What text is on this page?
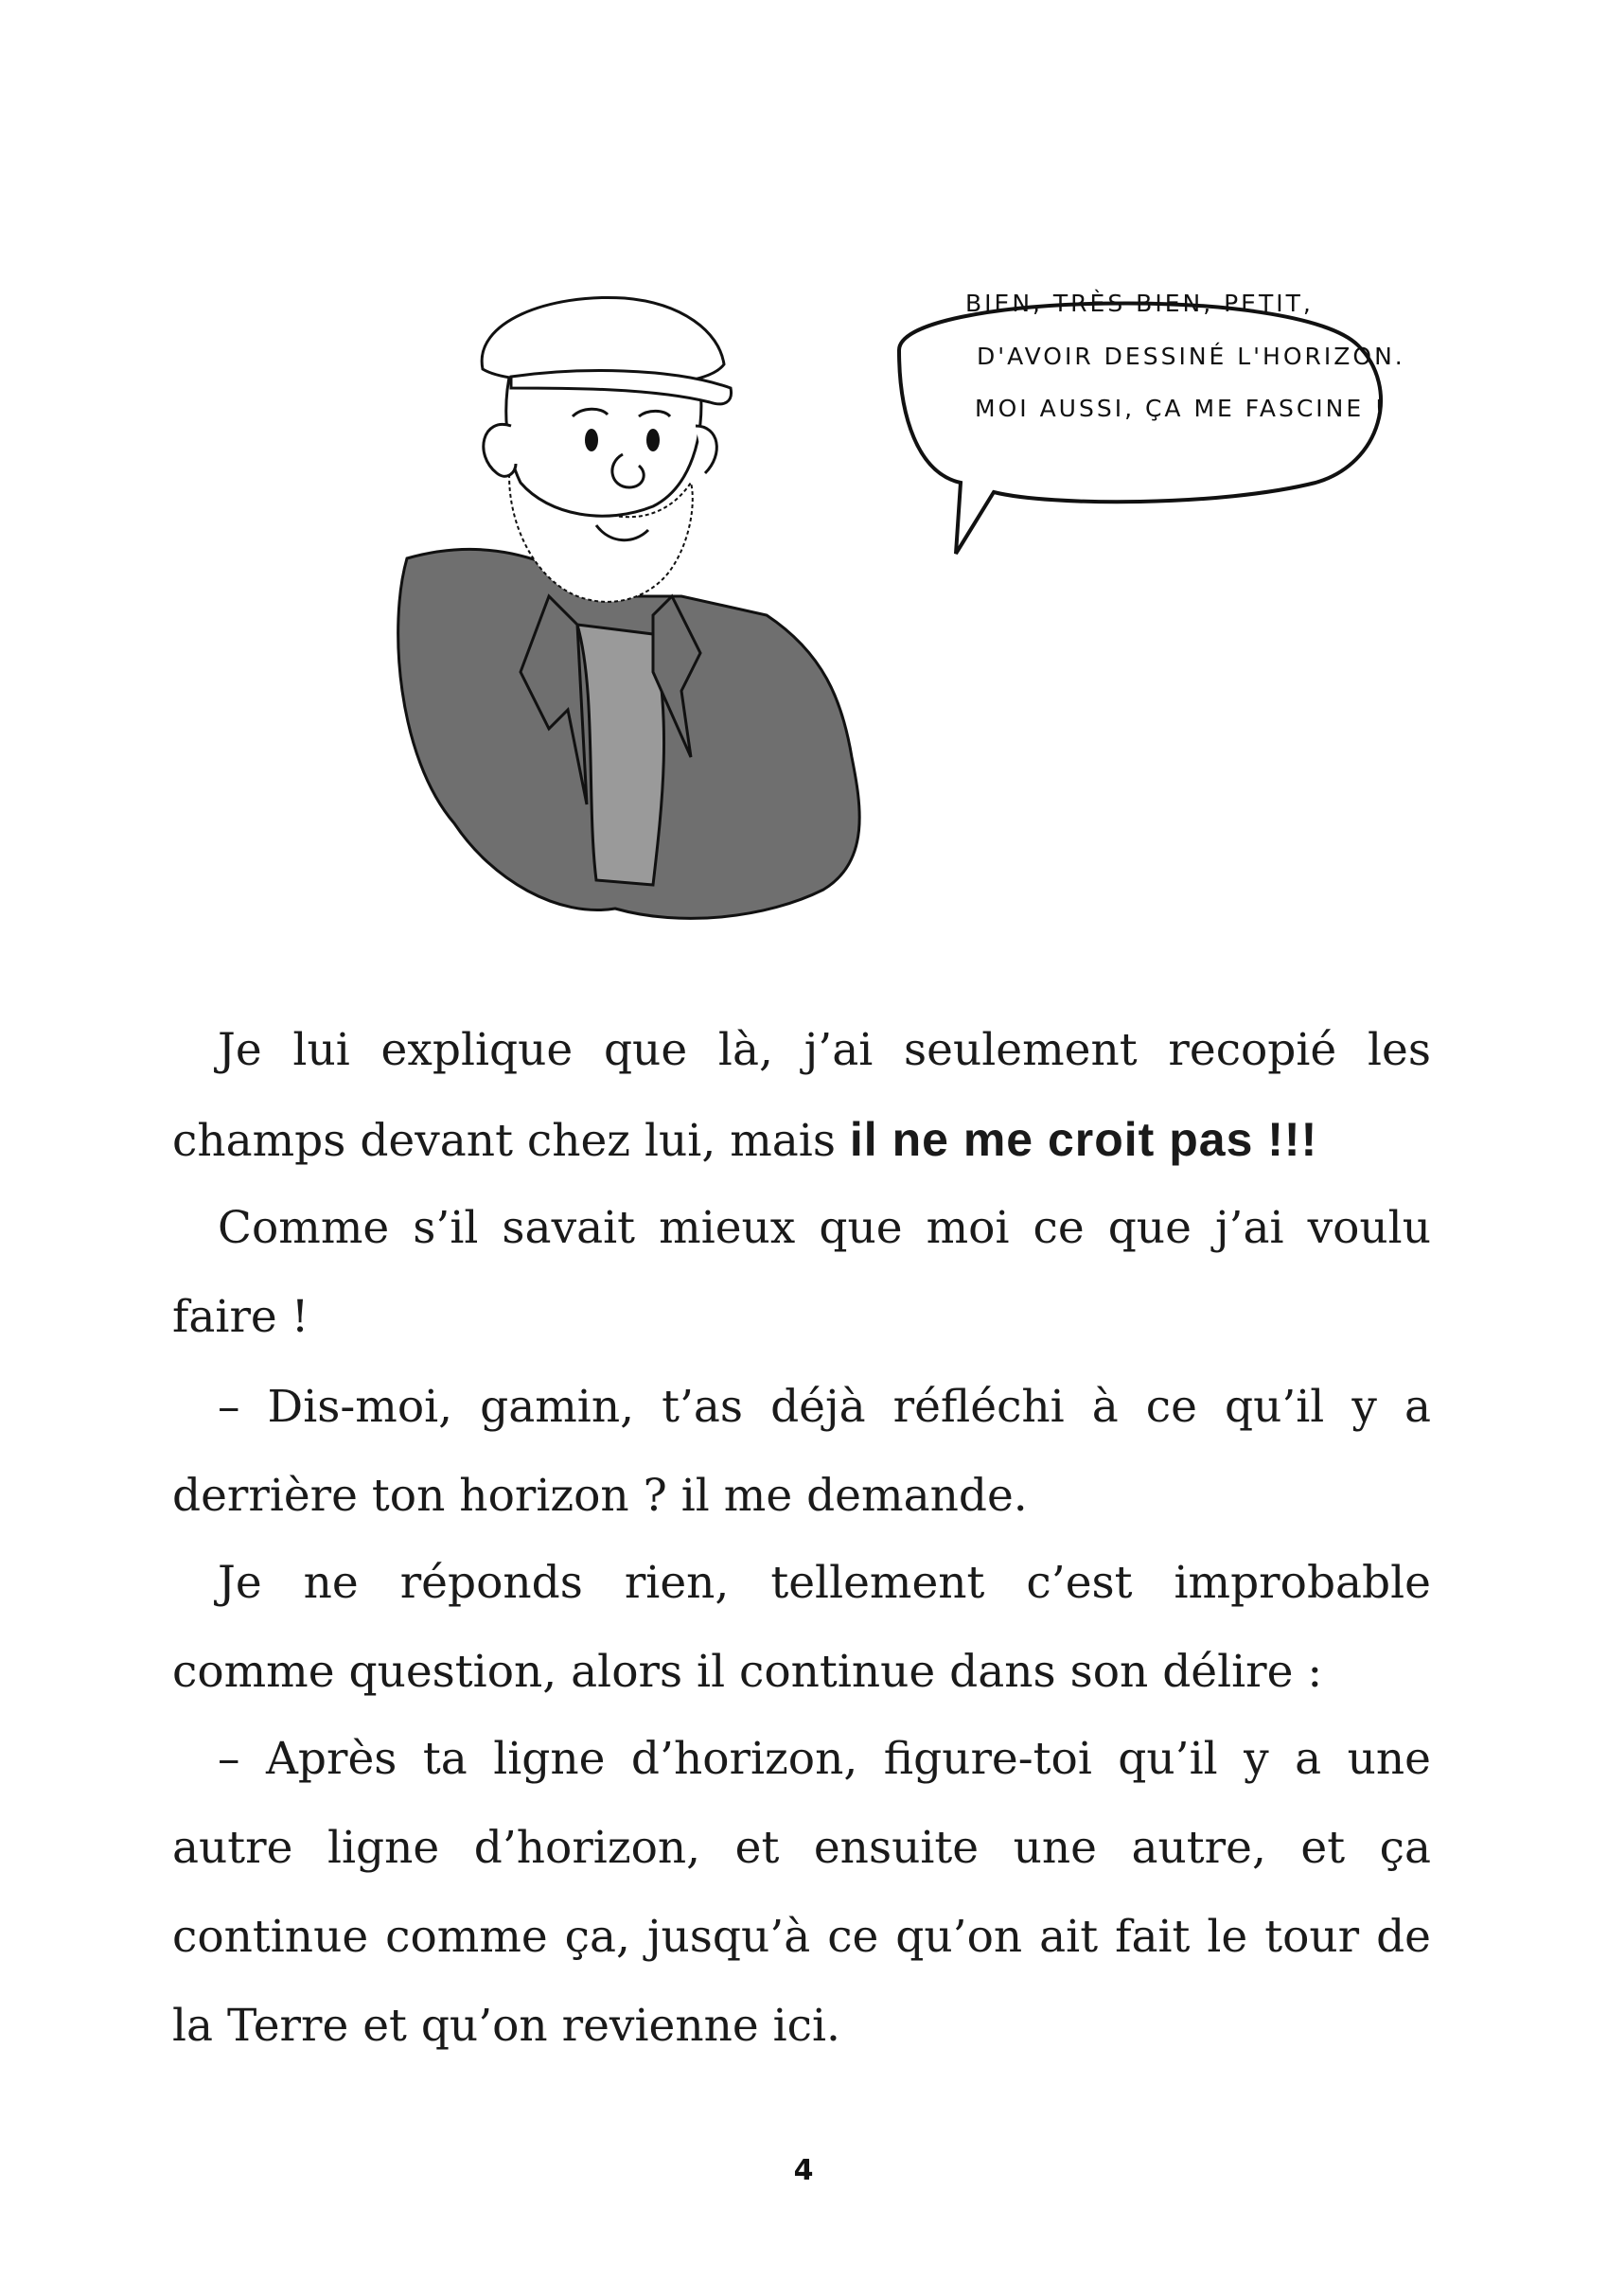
BIEN, TRÈS BIEN, PETIT,
D'AVOIR DESSINÉ L'HORIZON.
MOI AUSSI, ÇA ME FASCINE !

Je lui explique que là, j’ai seulement recopié les champs devant chez lui, mais il ne me croit pas !!!

Comme s’il savait mieux que moi ce que j’ai voulu faire !

– Dis-moi, gamin, t’as déjà réfléchi à ce qu’il y a derrière ton horizon ? il me demande.

Je ne réponds rien, tellement c’est improbable comme question, alors il continue dans son délire :

– Après ta ligne d’horizon, figure-toi qu’il y a une autre ligne d’horizon, et ensuite une autre, et ça continue comme ça, jusqu’à ce qu’on ait fait le tour de la Terre et qu’on revienne ici.

4
